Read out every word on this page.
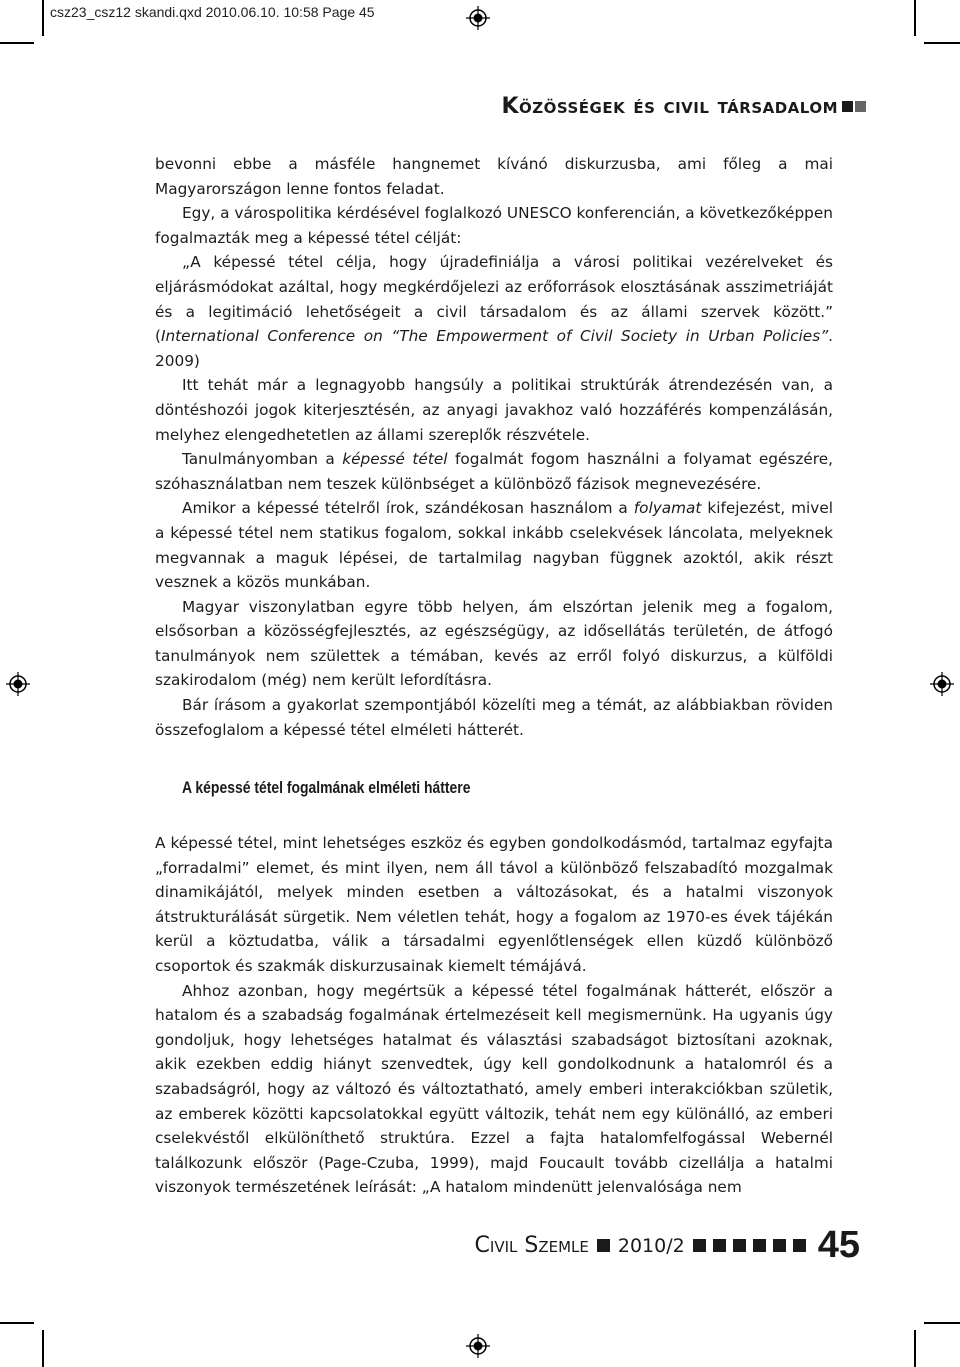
csz23_csz12 skandi.qxd 2010.06.10. 10:58 Page 45
Közösségek és civil társadalom

bevonni ebbe a másféle hangnemet kívánó diskurzusba, ami főleg a mai Magyarországon lenne fontos feladat.

Egy, a várospolitika kérdésével foglalkozó UNESCO konferencián, a következőképpen fogalmazták meg a képessé tétel célját:

„A képessé tétel célja, hogy újradefiniálja a városi politikai vezérelveket és eljárásmódokat azáltal, hogy megkérdőjelezi az erőforrások elosztásának asszimetriáját és a legitimáció lehetőségeit a civil társadalom és az állami szervek között.” (International Conference on “The Empowerment of Civil Society in Urban Policies”. 2009)

Itt tehát már a legnagyobb hangsúly a politikai struktúrák átrendezésén van, a döntéshozói jogok kiterjesztésén, az anyagi javakhoz való hozzáférés kompenzálásán, melyhez elengedhetetlen az állami szereplők részvétele.

Tanulmányomban a képessé tétel fogalmát fogom használni a folyamat egészére, szóhasználatban nem teszek különbséget a különböző fázisok megnevezésére.

Amikor a képessé tételről írok, szándékosan használom a folyamat kifejezést, mivel a képessé tétel nem statikus fogalom, sokkal inkább cselekvések láncolata, melyeknek megvannak a maguk lépései, de tartalmilag nagyban függnek azoktól, akik részt vesznek a közös munkában.

Magyar viszonylatban egyre több helyen, ám elszórtan jelenik meg a fogalom, elsősorban a közösségfejlesztés, az egészségügy, az idősellátás területén, de átfogó tanulmányok nem születtek a témában, kevés az erről folyó diskurzus, a külföldi szakirodalom (még) nem került lefordításra.

Bár írásom a gyakorlat szempontjából közelíti meg a témát, az alábbiakban röviden összefoglalom a képessé tétel elméleti hátterét.

A képessé tétel fogalmának elméleti háttere

A képessé tétel, mint lehetséges eszköz és egyben gondolkodásmód, tartalmaz egyfajta „forradalmi” elemet, és mint ilyen, nem áll távol a különböző felszabadító mozgalmak dinamikájától, melyek minden esetben a változásokat, és a hatalmi viszonyok átstrukturálását sürgetik. Nem véletlen tehát, hogy a fogalom az 1970-es évek tájékán kerül a köztudatba, válik a társadalmi egyenlőtlenségek ellen küzdő különböző csoportok és szakmák diskurzusainak kiemelt témájává.

Ahhoz azonban, hogy megértsük a képessé tétel fogalmának hátterét, először a hatalom és a szabadság fogalmának értelmezéseit kell megismernünk. Ha ugyanis úgy gondoljuk, hogy lehetséges hatalmat és választási szabadságot biztosítani azoknak, akik ezekben eddig hiányt szenvedtek, úgy kell gondolkodnunk a hatalomról és a szabadságról, hogy az változó és változtatható, amely emberi interakciókban születik, az emberek közötti kapcsolatokkal együtt változik, tehát nem egy különálló, az emberi cselekvéstől elkülöníthető struktúra. Ezzel a fajta hatalomfelfogással Webernél találkozunk először (Page-Czuba, 1999), majd Foucault tovább cizellálja a hatalmi viszonyok természetének leírását: „A hatalom mindenütt jelenvalósága nem

Civil Szemle 2010/2	45
